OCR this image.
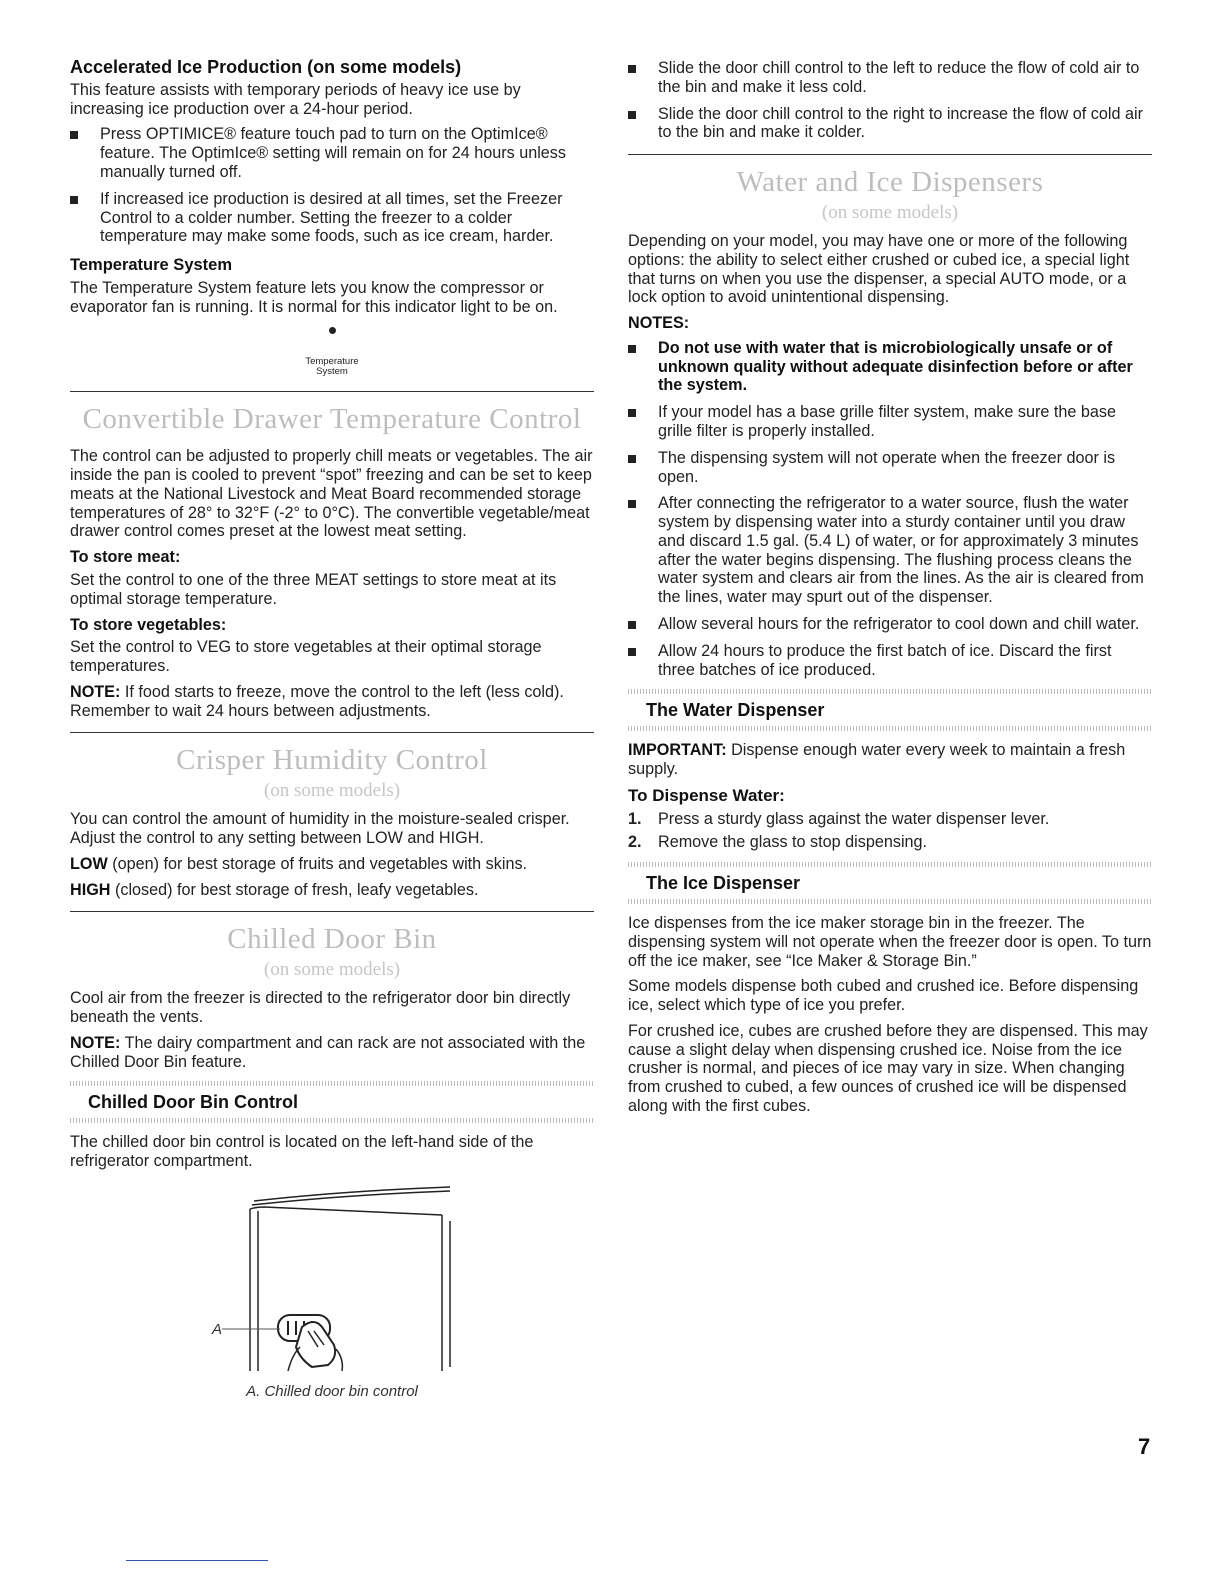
Accelerated Ice Production (on some models)

This feature assists with temporary periods of heavy ice use by increasing ice production over a 24-hour period.

Press OPTIMICE® feature touch pad to turn on the OptimIce® feature. The OptimIce® setting will remain on for 24 hours unless manually turned off.
If increased ice production is desired at all times, set the Freezer Control to a colder number. Setting the freezer to a colder temperature may make some foods, such as ice cream, harder.
Temperature System

The Temperature System feature lets you know the compressor or evaporator fan is running. It is normal for this indicator light to be on.

Temperature System
Convertible Drawer Temperature Control

The control can be adjusted to properly chill meats or vegetables. The air inside the pan is cooled to prevent “spot” freezing and can be set to keep meats at the National Livestock and Meat Board recommended storage temperatures of 28° to 32°F (-2° to 0°C). The convertible vegetable/meat drawer control comes preset at the lowest meat setting.

To store meat:

Set the control to one of the three MEAT settings to store meat at its optimal storage temperature.

To store vegetables:

Set the control to VEG to store vegetables at their optimal storage temperatures.

NOTE: If food starts to freeze, move the control to the left (less cold). Remember to wait 24 hours between adjustments.

Crisper Humidity Control
(on some models)

You can control the amount of humidity in the moisture-sealed crisper. Adjust the control to any setting between LOW and HIGH.

LOW (open) for best storage of fruits and vegetables with skins.

HIGH (closed) for best storage of fresh, leafy vegetables.

Chilled Door Bin
(on some models)

Cool air from the freezer is directed to the refrigerator door bin directly beneath the vents.

NOTE: The dairy compartment and can rack are not associated with the Chilled Door Bin feature.

Chilled Door Bin Control

The chilled door bin control is located on the left-hand side of the refrigerator compartment.

A
A. Chilled door bin control
Slide the door chill control to the left to reduce the flow of cold air to the bin and make it less cold.
Slide the door chill control to the right to increase the flow of cold air to the bin and make it colder.
Water and Ice Dispensers
(on some models)

Depending on your model, you may have one or more of the following options: the ability to select either crushed or cubed ice, a special light that turns on when you use the dispenser, a special AUTO mode, or a lock option to avoid unintentional dispensing.

NOTES:
Do not use with water that is microbiologically unsafe or of unknown quality without adequate disinfection before or after the system.
If your model has a base grille filter system, make sure the base grille filter is properly installed.
The dispensing system will not operate when the freezer door is open.
After connecting the refrigerator to a water source, flush the water system by dispensing water into a sturdy container until you draw and discard 1.5 gal. (5.4 L) of water, or for approximately 3 minutes after the water begins dispensing. The flushing process cleans the water system and clears air from the lines. As the air is cleared from the lines, water may spurt out of the dispenser.
Allow several hours for the refrigerator to cool down and chill water.
Allow 24 hours to produce the first batch of ice. Discard the first three batches of ice produced.
The Water Dispenser

IMPORTANT: Dispense enough water every week to maintain a fresh supply.

To Dispense Water:
1.	Press a sturdy glass against the water dispenser lever.
2.	Remove the glass to stop dispensing.
The Ice Dispenser

Ice dispenses from the ice maker storage bin in the freezer. The dispensing system will not operate when the freezer door is open. To turn off the ice maker, see “Ice Maker & Storage Bin.”

Some models dispense both cubed and crushed ice. Before dispensing ice, select which type of ice you prefer.

For crushed ice, cubes are crushed before they are dispensed. This may cause a slight delay when dispensing crushed ice. Noise from the ice crusher is normal, and pieces of ice may vary in size. When changing from crushed to cubed, a few ounces of crushed ice will be dispensed along with the first cubes.

7
